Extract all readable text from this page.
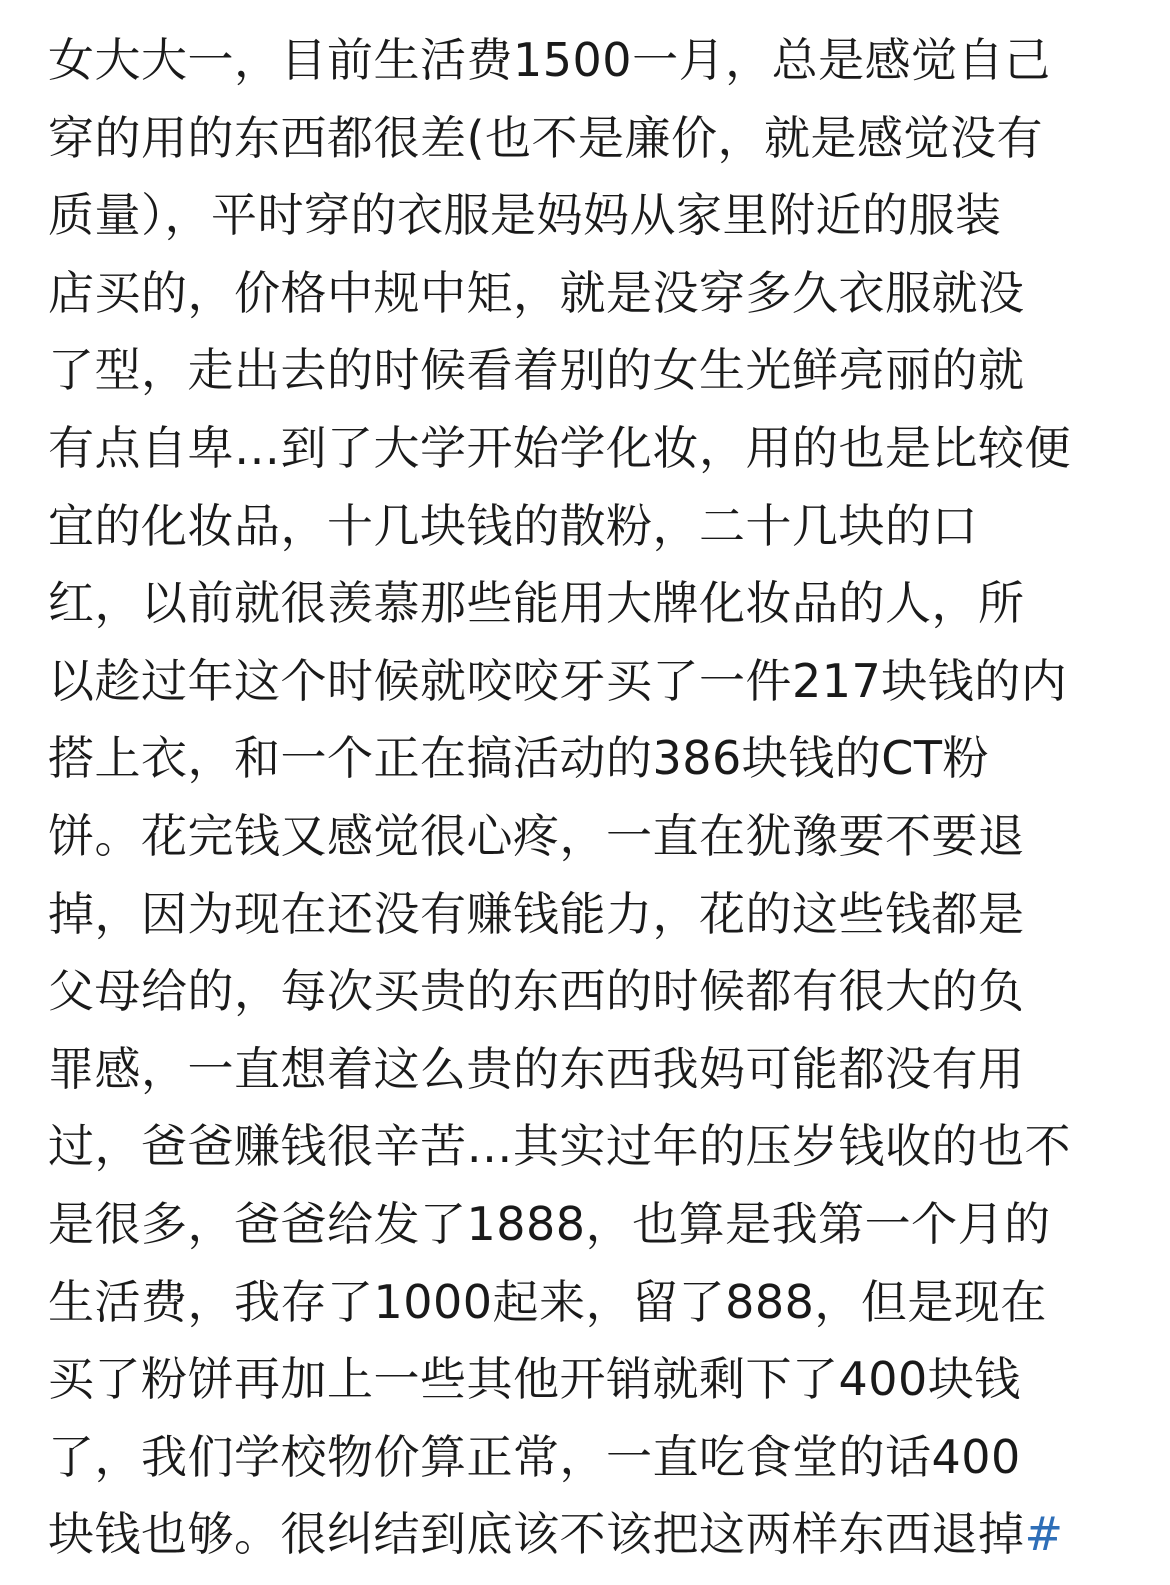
女大大一，目前生活费1500一月，总是感觉自己
穿的用的东西都很差(也不是廉价，就是感觉没有
质量），平时穿的衣服是妈妈从家里附近的服装
店买的，价格中规中矩，就是没穿多久衣服就没
了型，走出去的时候看着别的女生光鲜亮丽的就
有点自卑…到了大学开始学化妆，用的也是比较便
宜的化妆品，十几块钱的散粉，二十几块的口
红，以前就很羡慕那些能用大牌化妆品的人，所
以趁过年这个时候就咬咬牙买了一件217块钱的内
搭上衣，和一个正在搞活动的386块钱的CT粉
饼。花完钱又感觉很心疼，一直在犹豫要不要退
掉，因为现在还没有赚钱能力，花的这些钱都是
父母给的，每次买贵的东西的时候都有很大的负
罪感，一直想着这么贵的东西我妈可能都没有用
过，爸爸赚钱很辛苦…其实过年的压岁钱收的也不
是很多，爸爸给发了1888，也算是我第一个月的
生活费，我存了1000起来，留了888，但是现在
买了粉饼再加上一些其他开销就剩下了400块钱
了，我们学校物价算正常，一直吃食堂的话400
块钱也够。很纠结到底该不该把这两样东西退掉#
